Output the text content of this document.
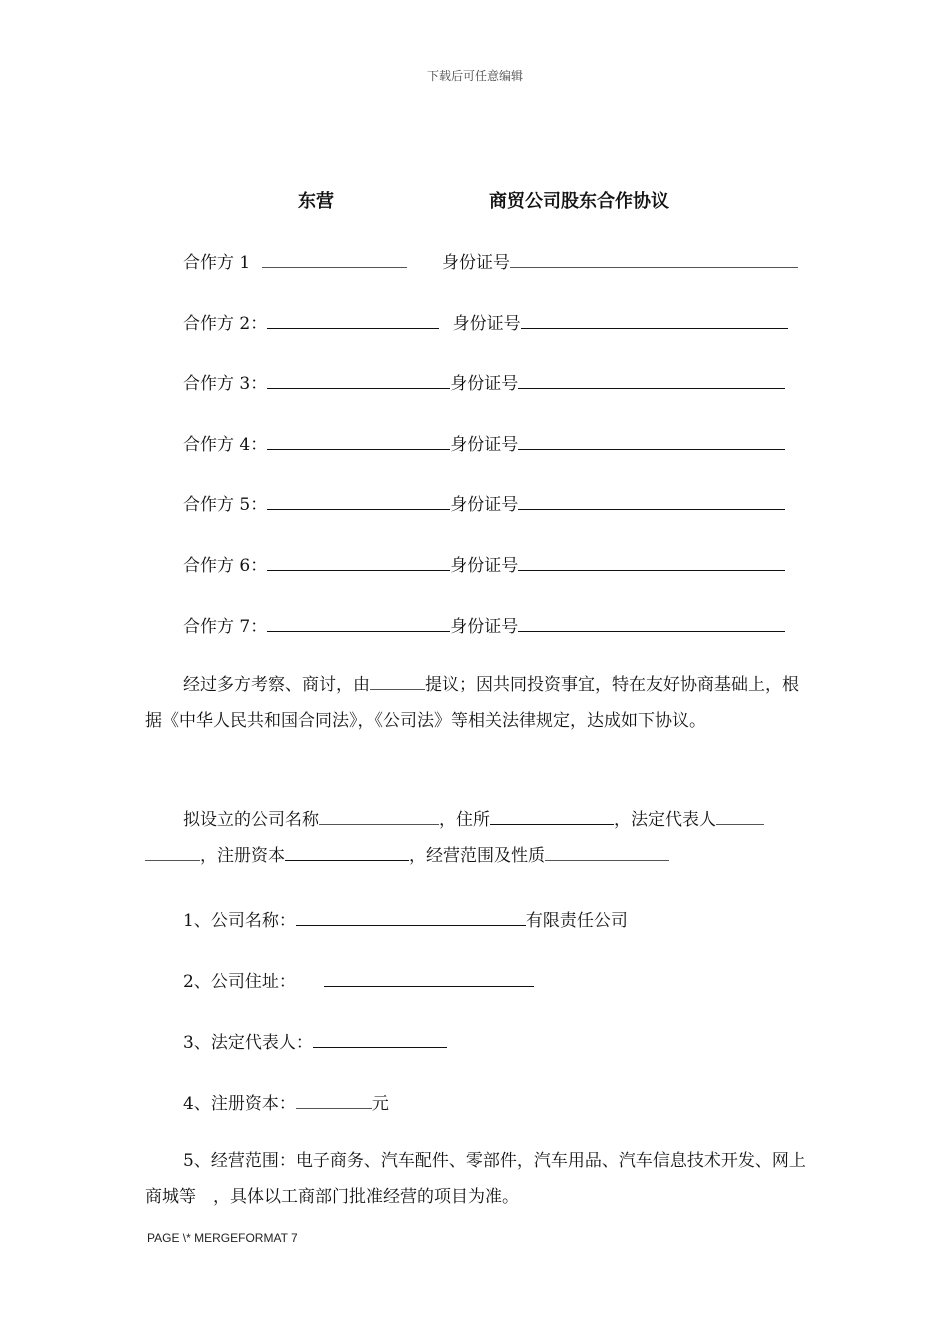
下载后可任意编辑
东营	商贸公司股东合作协议
合作方 1	身份证号
合作方 2：	身份证号
合作方 3：	身份证号
合作方 4：	身份证号
合作方 5：	身份证号
合作方 6：	身份证号
合作方 7：	身份证号
经过多方考察、商讨，由	提议；因共同投资事宜，特在友好协商基础上，根据《中华人民共和国合同法》，《公司法》等相关法律规定，达成如下协议。
拟设立的公司名称	，住所	，法定代表人
，注册资本	，经营范围及性质
1、公司名称：	有限责任公司
2、公司住址：
3、法定代表人：
4、注册资本：	元
5、经营范围：电子商务、汽车配件、零部件，汽车用品、汽车信息技术开发、网上商城等　，具体以工商部门批准经营的项目为准。
PAGE \* MERGEFORMAT 7
